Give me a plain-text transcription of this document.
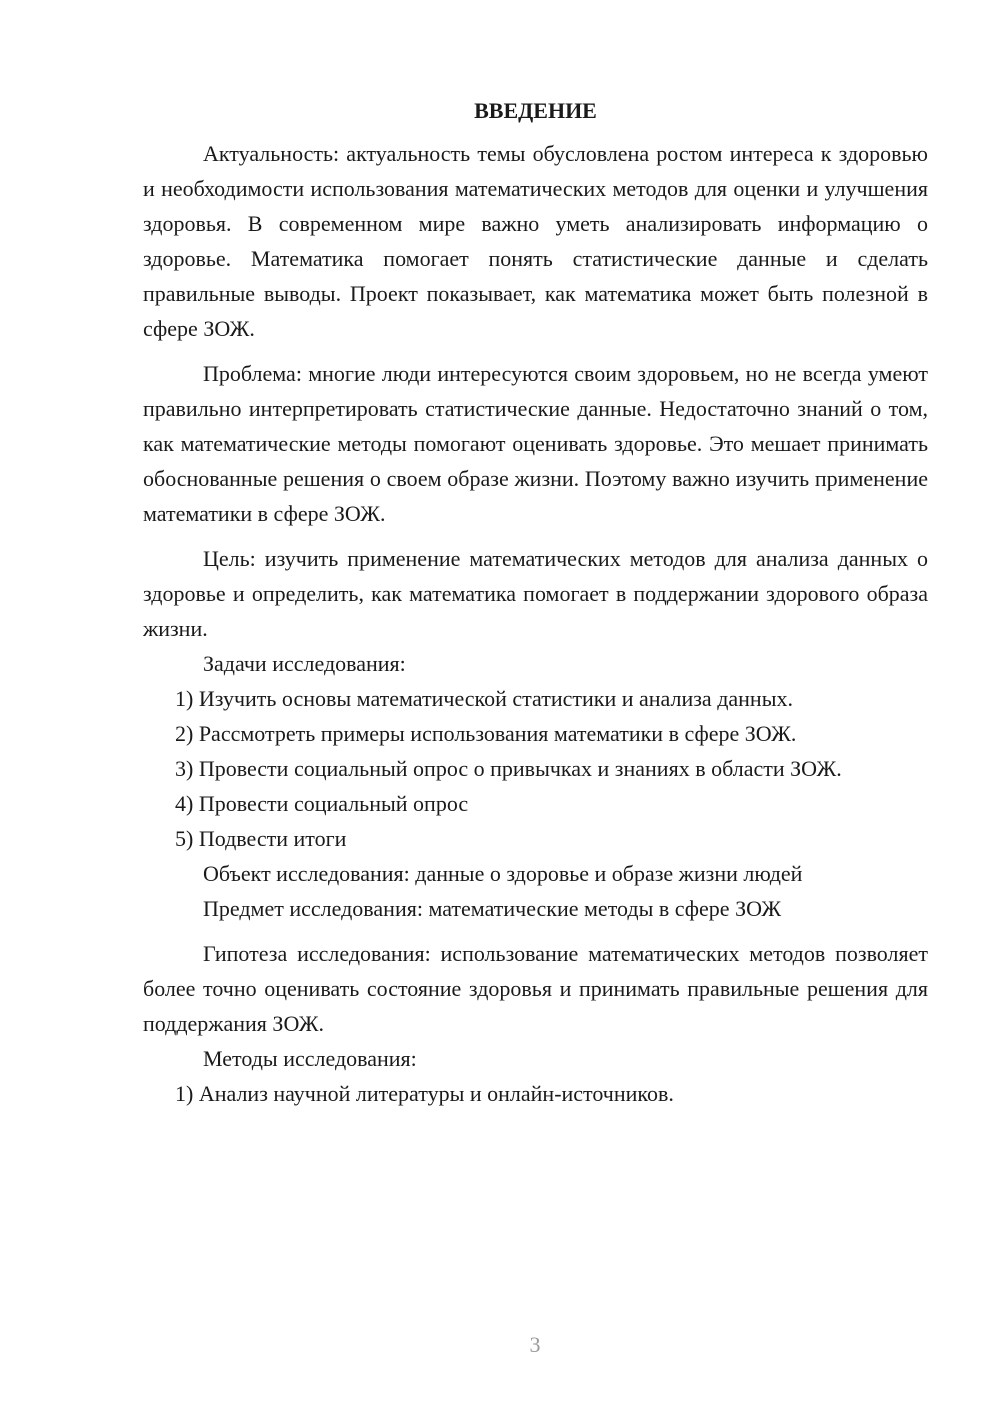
ВВЕДЕНИЕ

Актуальность: актуальность темы обусловлена ростом интереса к здоровью и необходимости использования математических методов для оценки и улучшения здоровья. В современном мире важно уметь анализировать информацию о здоровье. Математика помогает понять статистические данные и сделать правильные выводы. Проект показывает, как математика может быть полезной в сфере ЗОЖ.

Проблема: многие люди интересуются своим здоровьем, но не всегда умеют правильно интерпретировать статистические данные. Недостаточно знаний о том, как математические методы помогают оценивать здоровье. Это мешает принимать обоснованные решения о своем образе жизни. Поэтому важно изучить применение математики в сфере ЗОЖ.

Цель: изучить применение математических методов для анализа данных о здоровье и определить, как математика помогает в поддержании здорового образа жизни.

Задачи исследования:

1) Изучить основы математической статистики и анализа данных.

2) Рассмотреть примеры использования математики в сфере ЗОЖ.

3) Провести социальный опрос о привычках и знаниях в области ЗОЖ.

4) Провести социальный опрос

5) Подвести итоги

Объект исследования: данные о здоровье и образе жизни людей

Предмет исследования: математические методы в сфере ЗОЖ

Гипотеза исследования: использование математических методов позволяет более точно оценивать состояние здоровья и принимать правильные решения для поддержания ЗОЖ.

Методы исследования:

1) Анализ научной литературы и онлайн-источников.

3
